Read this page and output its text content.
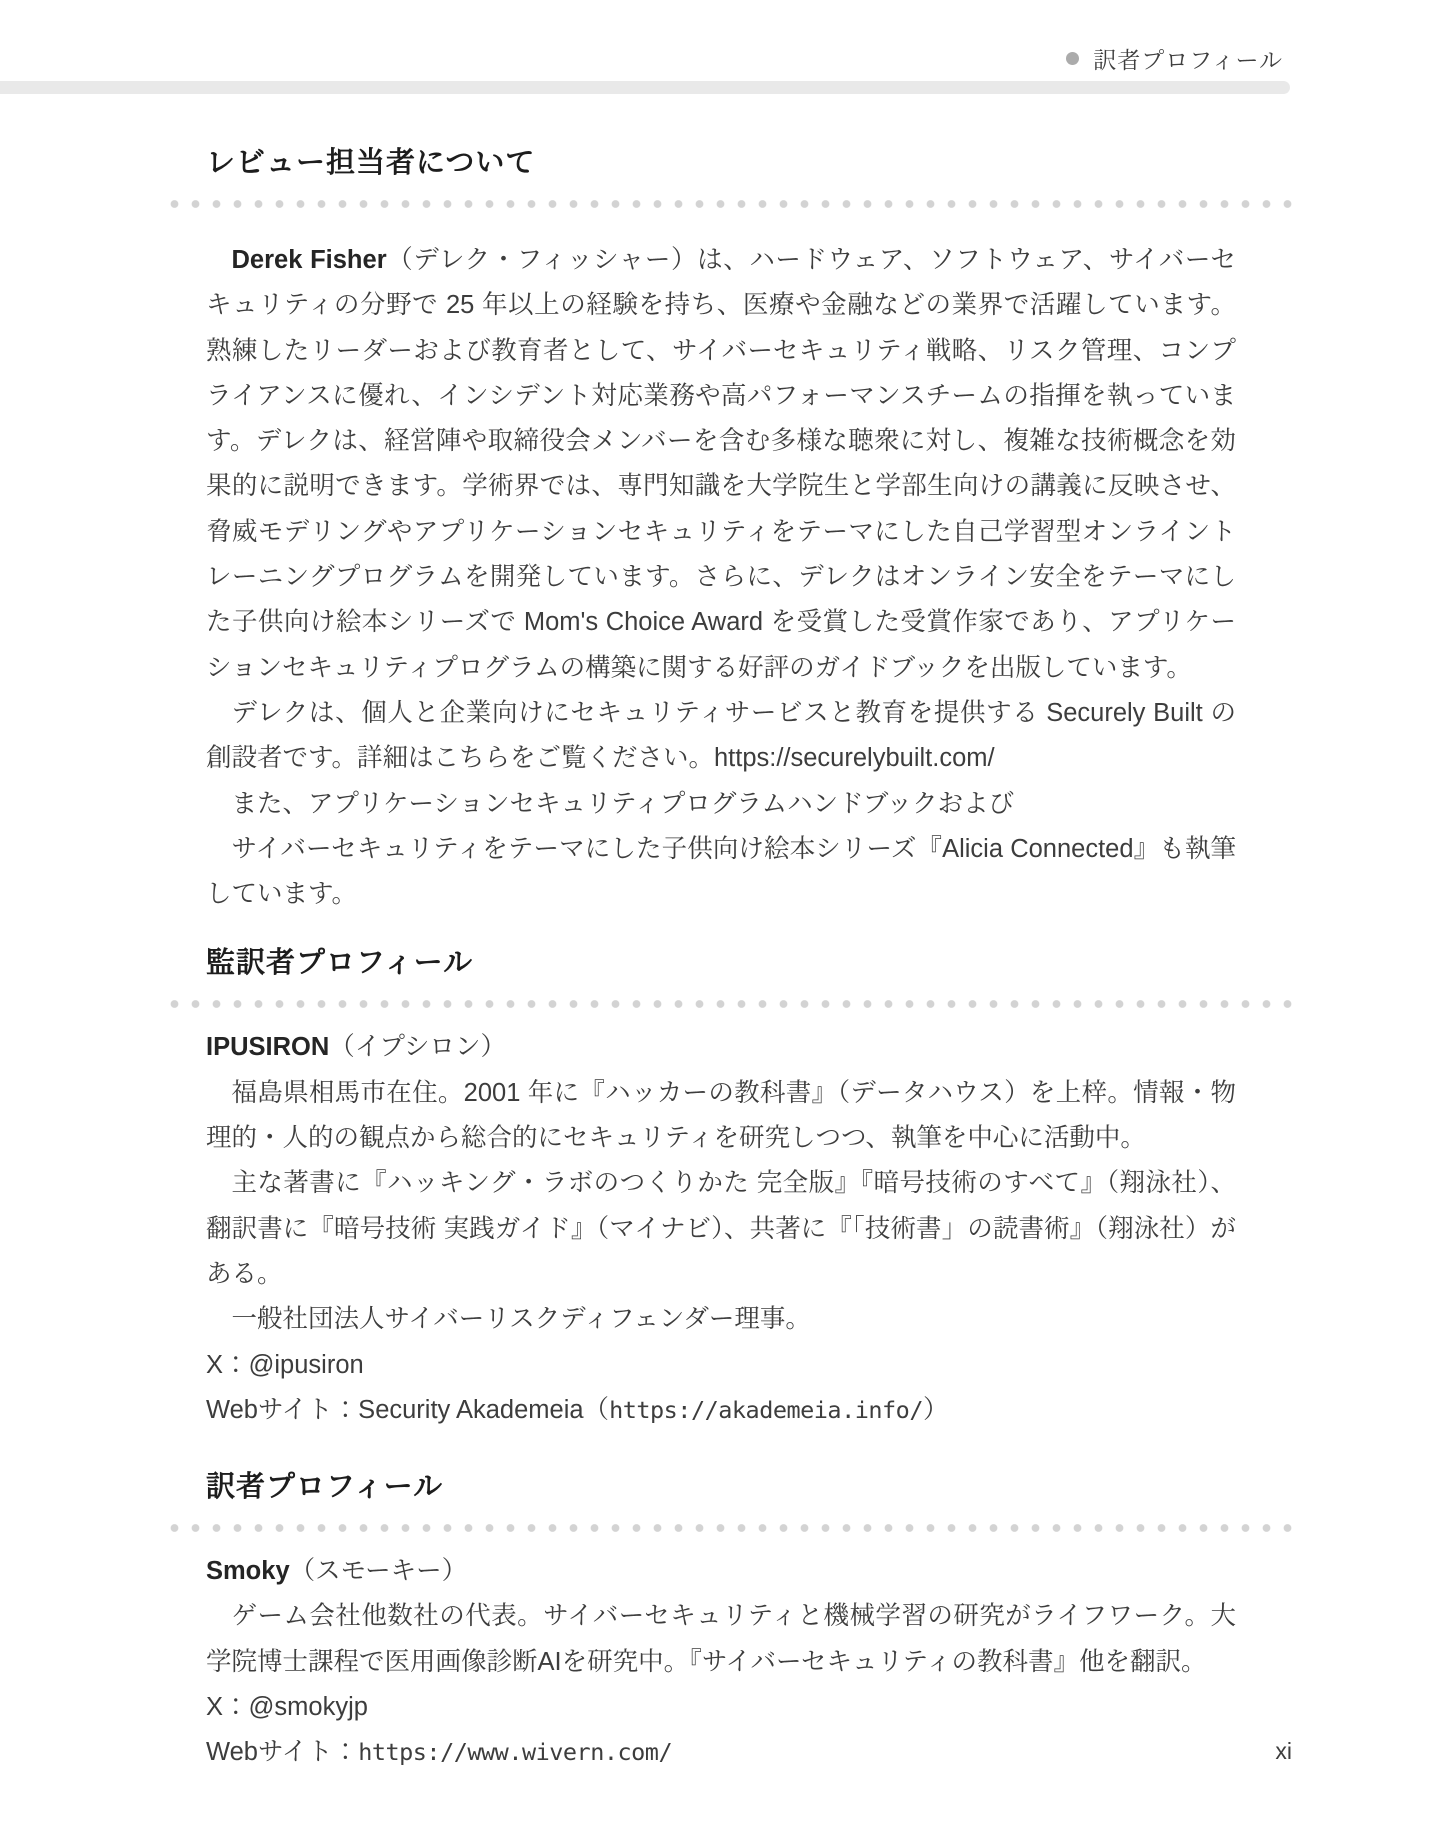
訳者プロフィール
レビュー担当者について

Derek Fisher（デレク・フィッシャー）は、ハードウェア、ソフトウェア、サイバーセキュリティの分野で 25 年以上の経験を持ち、医療や金融などの業界で活躍しています。熟練したリーダーおよび教育者として、サイバーセキュリティ戦略、リスク管理、コンプライアンスに優れ、インシデント対応業務や高パフォーマンスチームの指揮を執っています。デレクは、経営陣や取締役会メンバーを含む多様な聴衆に対し、複雑な技術概念を効果的に説明できます。学術界では、専門知識を大学院生と学部生向けの講義に反映させ、脅威モデリングやアプリケーションセキュリティをテーマにした自己学習型オンライントレーニングプログラムを開発しています。さらに、デレクはオンライン安全をテーマにした子供向け絵本シリーズで Mom's Choice Award を受賞した受賞作家であり、アプリケーションセキュリティプログラムの構築に関する好評のガイドブックを出版しています。

デレクは、個人と企業向けにセキュリティサービスと教育を提供する Securely Built の創設者です。詳細はこちらをご覧ください。https://securelybuilt.com/

また、アプリケーションセキュリティプログラムハンドブックおよび

サイバーセキュリティをテーマにした子供向け絵本シリーズ『Alicia Connected』も執筆しています。

監訳者プロフィール

IPUSIRON（イプシロン）

福島県相馬市在住。2001 年に『ハッカーの教科書』（データハウス）を上梓。情報・物理的・人的の観点から総合的にセキュリティを研究しつつ、執筆を中心に活動中。

主な著書に『ハッキング・ラボのつくりかた 完全版』『暗号技術のすべて』（翔泳社）、翻訳書に『暗号技術 実践ガイド』（マイナビ）、共著に『「技術書」の読書術』（翔泳社）がある。

一般社団法人サイバーリスクディフェンダー理事。

X：@ipusiron

Webサイト：Security Akademeia（https://akademeia.info/）

訳者プロフィール

Smoky（スモーキー）

ゲーム会社他数社の代表。サイバーセキュリティと機械学習の研究がライフワーク。大学院博士課程で医用画像診断AIを研究中。『サイバーセキュリティの教科書』他を翻訳。

X：@smokyjp

Webサイト：https://www.wivern.com/	xi
